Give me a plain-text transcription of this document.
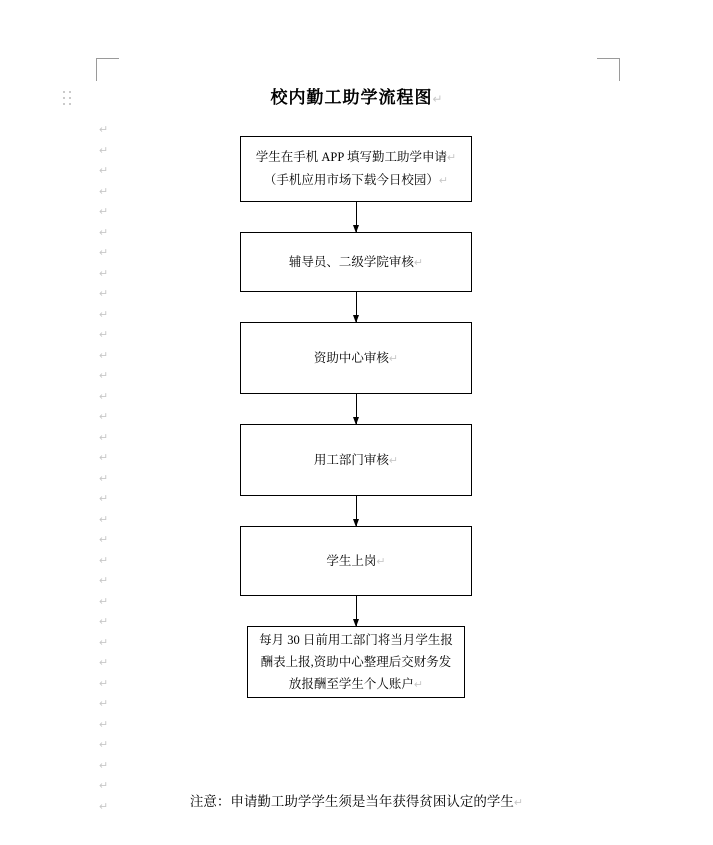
↵
↵
↵
↵
↵
↵
↵
↵
↵
↵
↵
↵
↵
↵
↵
↵
↵
↵
↵
↵
↵
↵
↵
↵
↵
↵
↵
↵
↵
↵
↵
↵
↵
↵
校内勤工助学流程图↵
学生在手机 APP 填写勤工助学申请↵
（手机应用市场下载今日校园）↵
辅导员、二级学院审核↵
资助中心审核↵
用工部门审核↵
学生上岗↵
每月 30 日前用工部门将当月学生报
酬表上报,资助中心整理后交财务发
放报酬至学生个人账户↵
注意：申请勤工助学学生须是当年获得贫困认定的学生↵
